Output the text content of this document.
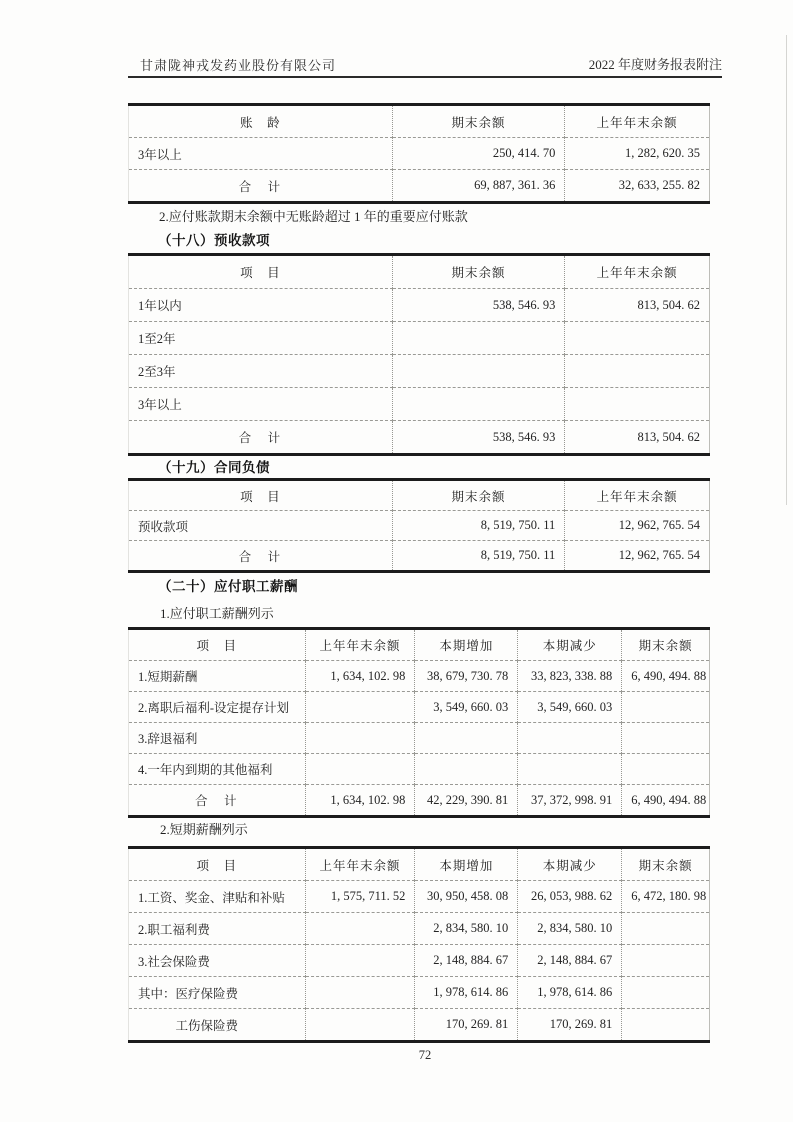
甘肃陇神戎发药业股份有限公司	2022 年度财务报表附注
账　龄	期末余额	上年年末余额
3年以上	250, 414. 70	1, 282, 620. 35
合　计	69, 887, 361. 36	32, 633, 255. 82
2.应付账款期末余额中无账龄超过 1 年的重要应付账款
（十八）预收款项
项　目	期末余额	上年年末余额
1年以内	538, 546. 93	813, 504. 62
1至2年		
2至3年		
3年以上		
合　计	538, 546. 93	813, 504. 62
（十九）合同负债
项　目	期末余额	上年年末余额
预收款项	8, 519, 750. 11	12, 962, 765. 54
合　计	8, 519, 750. 11	12, 962, 765. 54
（二十）应付职工薪酬
1.应付职工薪酬列示
项　目	上年年末余额	本期增加	本期减少	期末余额
1.短期薪酬	1, 634, 102. 98	38, 679, 730. 78	33, 823, 338. 88	6, 490, 494. 88
2.离职后福利-设定提存计划		3, 549, 660. 03	3, 549, 660. 03	
3.辞退福利				
4.一年内到期的其他福利				
合　计	1, 634, 102. 98	42, 229, 390. 81	37, 372, 998. 91	6, 490, 494. 88
2.短期薪酬列示
项　目	上年年末余额	本期增加	本期减少	期末余额
1.工资、奖金、津贴和补贴	1, 575, 711. 52	30, 950, 458. 08	26, 053, 988. 62	6, 472, 180. 98
2.职工福利费		2, 834, 580. 10	2, 834, 580. 10	
3.社会保险费		2, 148, 884. 67	2, 148, 884. 67	
其中：医疗保险费		1, 978, 614. 86	1, 978, 614. 86	
　　　工伤保险费		170, 269. 81	170, 269. 81	
72
